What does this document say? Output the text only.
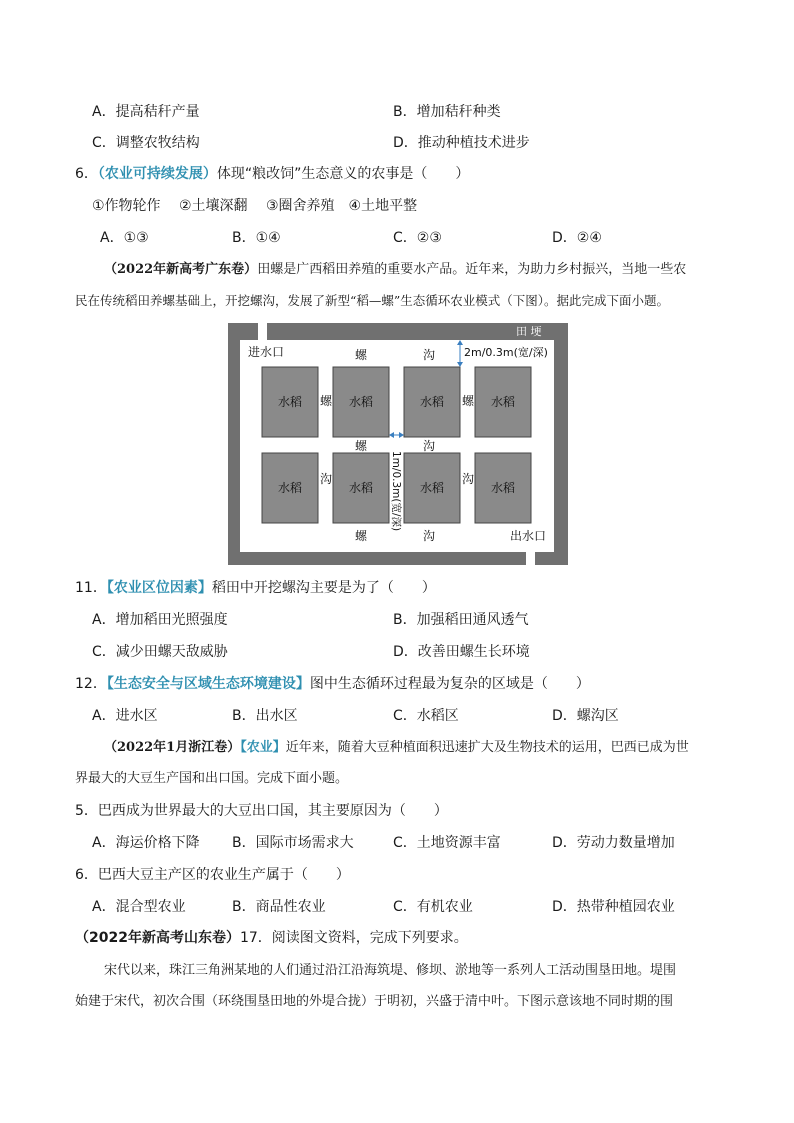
A．提高秸秆产量	B．增加秸秆种类
C．调整农牧结构	D．推动种植技术进步
6．（农业可持续发展）体现“粮改饲”生态意义的农事是（　　）
①作物轮作　 ②土壤深翻　 ③圈舍养殖　④土地平整
A．①③	B．①④	C．②③	D．②④
（2022年新高考广东卷）田螺是广西稻田养殖的重要水产品。近年来，为助力乡村振兴，当地一些农
民在传统稻田养螺基础上，开挖螺沟，发展了新型“稻—螺”生态循环农业模式（下图）。据此完成下面小题。
田 埂
进水口
出水口
水稻	水稻	水稻	水稻
水稻	水稻	水稻	水稻
螺	沟
螺	螺
螺	沟
沟	沟
螺	沟
2m/0.3m(宽/深)
1m/0.3m(宽/深)
11．【农业区位因素】稻田中开挖螺沟主要是为了（　　）
A．增加稻田光照强度	B．加强稻田通风透气
C．减少田螺天敌威胁	D．改善田螺生长环境
12．【生态安全与区域生态环境建设】图中生态循环过程最为复杂的区域是（　　）
A．进水区	B．出水区	C．水稻区	D．螺沟区
（2022年1月浙江卷）【农业】近年来，随着大豆种植面积迅速扩大及生物技术的运用，巴西已成为世
界最大的大豆生产国和出口国。完成下面小题。
5．巴西成为世界最大的大豆出口国，其主要原因为（　　）
A．海运价格下降 B．国际市场需求大	C．土地资源丰富	D．劳动力数量增加
6．巴西大豆主产区的农业生产属于（　　）
A．混合型农业	B．商品性农业	C．有机农业	D．热带种植园农业
（2022年新高考山东卷）17．阅读图文资料，完成下列要求。
宋代以来，珠江三角洲某地的人们通过沿江沿海筑堤、修坝、淤地等一系列人工活动围垦田地。堤围
始建于宋代，初次合围（环绕围垦田地的外堤合拢）于明初，兴盛于清中叶。下图示意该地不同时期的围
